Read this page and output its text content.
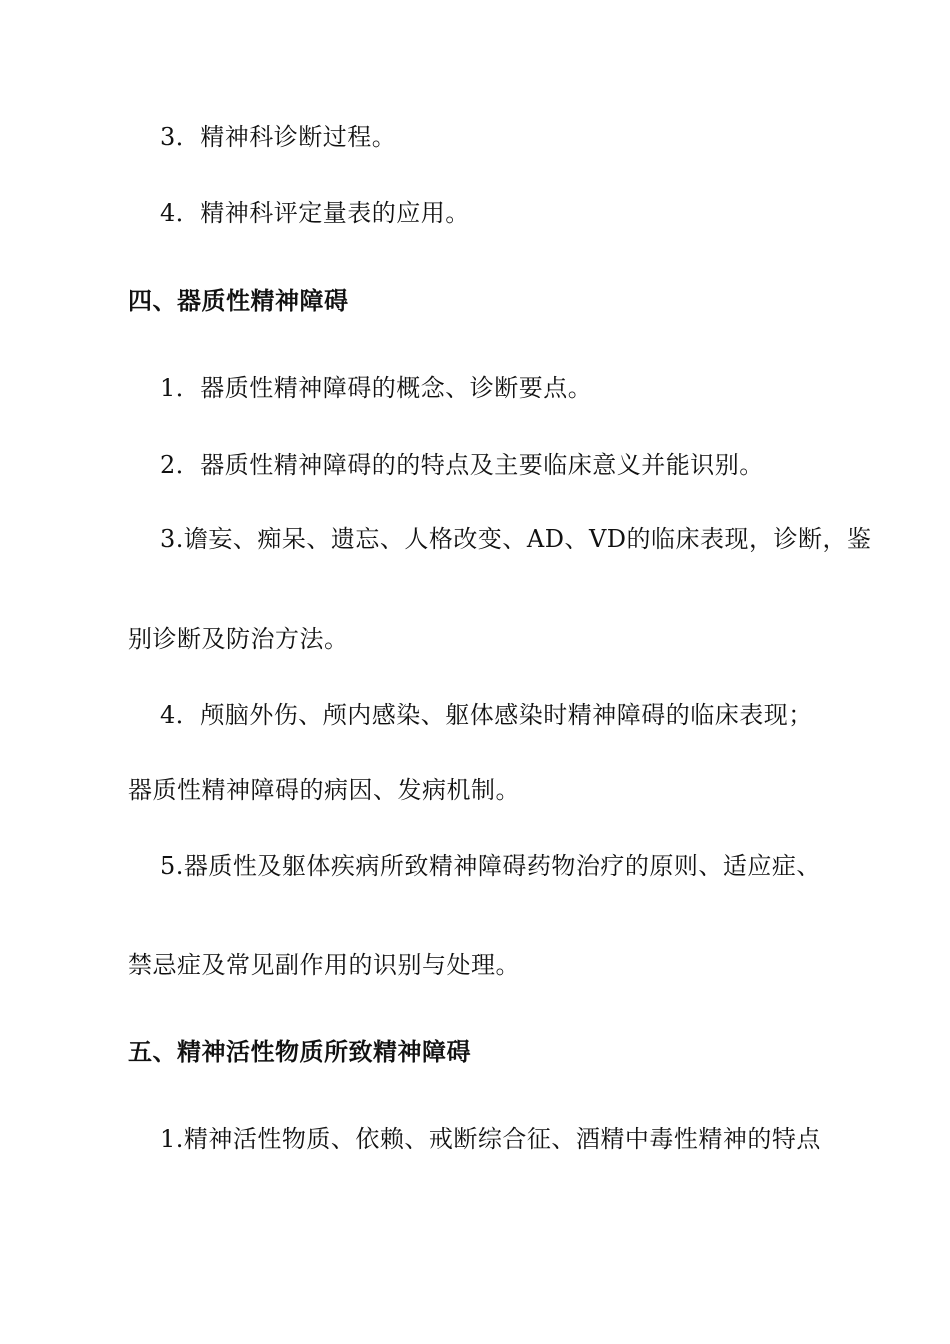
3．精神科诊断过程。
4．精神科评定量表的应用。
四、器质性精神障碍
1．器质性精神障碍的概念、诊断要点。
2．器质性精神障碍的的特点及主要临床意义并能识别。
3.谵妄、痴呆、遗忘、人格改变、AD、VD的临床表现，诊断，鉴
别诊断及防治方法。
4．颅脑外伤、颅内感染、躯体感染时精神障碍的临床表现；
器质性精神障碍的病因、发病机制。
5.器质性及躯体疾病所致精神障碍药物治疗的原则、适应症、
禁忌症及常见副作用的识别与处理。
五、精神活性物质所致精神障碍
1.精神活性物质、依赖、戒断综合征、酒精中毒性精神的特点
